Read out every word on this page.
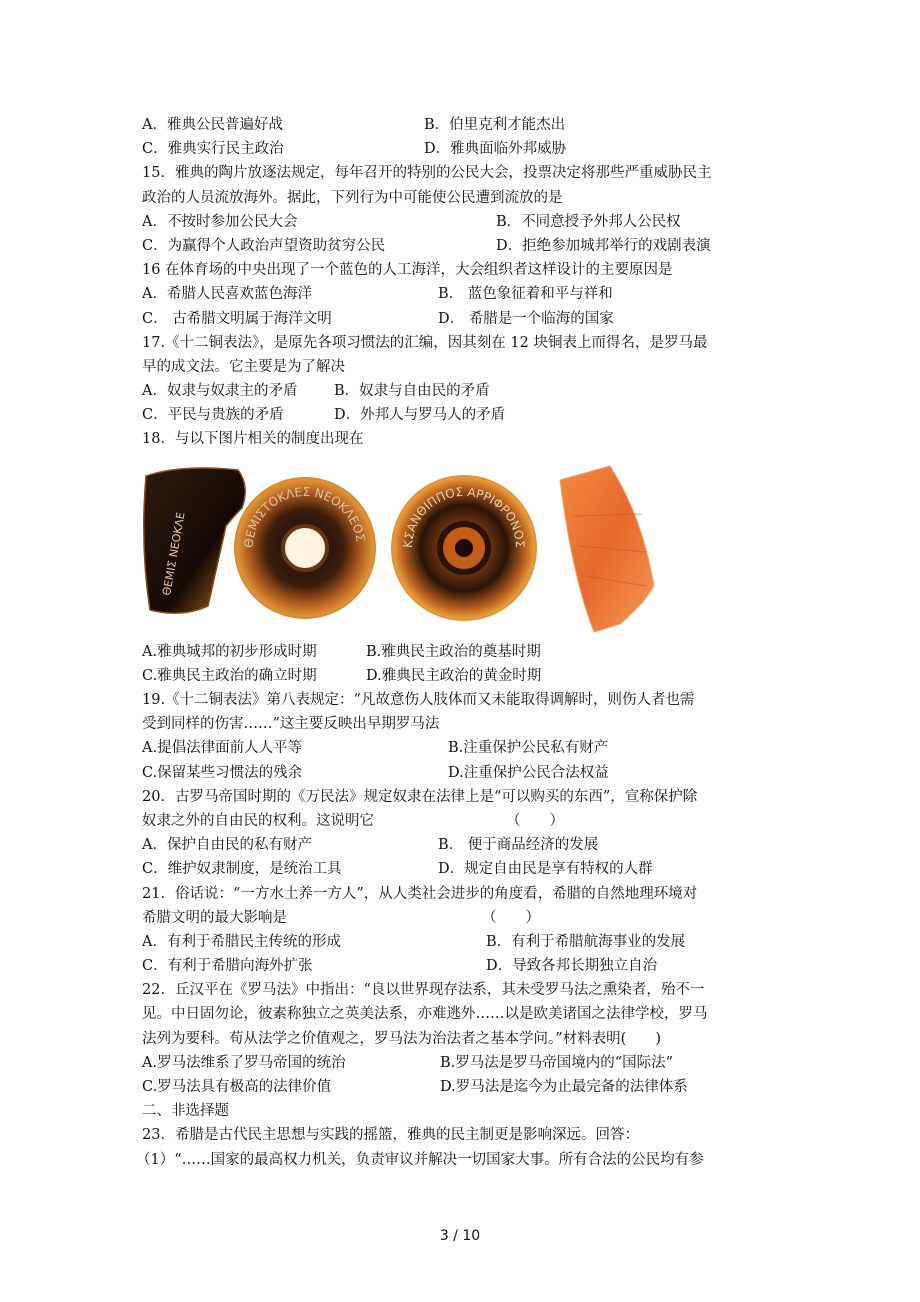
A．雅典公民普遍好战	B．伯里克利才能杰出
C．雅典实行民主政治	D．雅典面临外邦威胁
15．雅典的陶片放逐法规定，每年召开的特别的公民大会，投票决定将那些严重威胁民主
政治的人员流放海外。据此，下列行为中可能使公民遭到流放的是
A．不按时参加公民大会	B．不同意授予外邦人公民权
C．为赢得个人政治声望资助贫穷公民	D．拒绝参加城邦举行的戏剧表演
16 在体育场的中央出现了一个蓝色的人工海洋，大会组织者这样设计的主要原因是
A．希腊人民喜欢蓝色海洋	B． 蓝色象征着和平与祥和
C． 古希腊文明属于海洋文明	D． 希腊是一个临海的国家
17.《十二铜表法》，是原先各项习惯法的汇编，因其刻在 12 块铜表上而得名，是罗马最
早的成文法。它主要是为了解决
A．奴隶与奴隶主的矛盾	B．奴隶与自由民的矛盾
C．平民与贵族的矛盾	D．外邦人与罗马人的矛盾
18．与以下图片相关的制度出现在
ΘΕΜΙΣ ΝΕΟΚΛΕ	ΘΕΜΙΣΤΟΚΛΕΣ ΝΕΟΚΛΕΟΣ
ΚΣΑΝΘΙΠΠΟΣ ΑΡΡΙΦΡΟΝΟΣ
A.雅典城邦的初步形成时期	B.雅典民主政治的奠基时期
C.雅典民主政治的确立时期	D.雅典民主政治的黄金时期
19.《十二铜表法》第八表规定：“凡故意伤人肢体而又未能取得调解时，则伤人者也需
受到同样的伤害……”这主要反映出早期罗马法
A.提倡法律面前人人平等	B.注重保护公民私有财产
C.保留某些习惯法的残余	D.注重保护公民合法权益
20．古罗马帝国时期的《万民法》规定奴隶在法律上是“可以购买的东西”，宣称保护除
奴隶之外的自由民的权利。这说明它	（　　）
A．保护自由民的私有财产	B． 便于商品经济的发展
C．维护奴隶制度，是统治工具	D．规定自由民是享有特权的人群
21．俗话说：“一方水土养一方人”，从人类社会进步的角度看，希腊的自然地理环境对
希腊文明的最大影响是	（　　）
A．有利于希腊民主传统的形成	B．有利于希腊航海事业的发展
C．有利于希腊向海外扩张	D．导致各邦长期独立自治
22．丘汉平在《罗马法》中指出：“良以世界现存法系，其未受罗马法之熏染者，殆不一
见。中日固勿论，彼素称独立之英美法系，亦难逃外……以是欧美诸国之法律学校，罗马
法列为要科。苟从法学之价值观之，罗马法为治法者之基本学问。”材料表明(　　)
A.罗马法维系了罗马帝国的统治	B.罗马法是罗马帝国境内的“国际法”
C.罗马法具有极高的法律价值	D.罗马法是迄今为止最完备的法律体系
二、非选择题
23．希腊是古代民主思想与实践的摇篮，雅典的民主制更是影响深远。回答：
（1）“……国家的最高权力机关，负责审议并解决一切国家大事。所有合法的公民均有参
3 / 10
